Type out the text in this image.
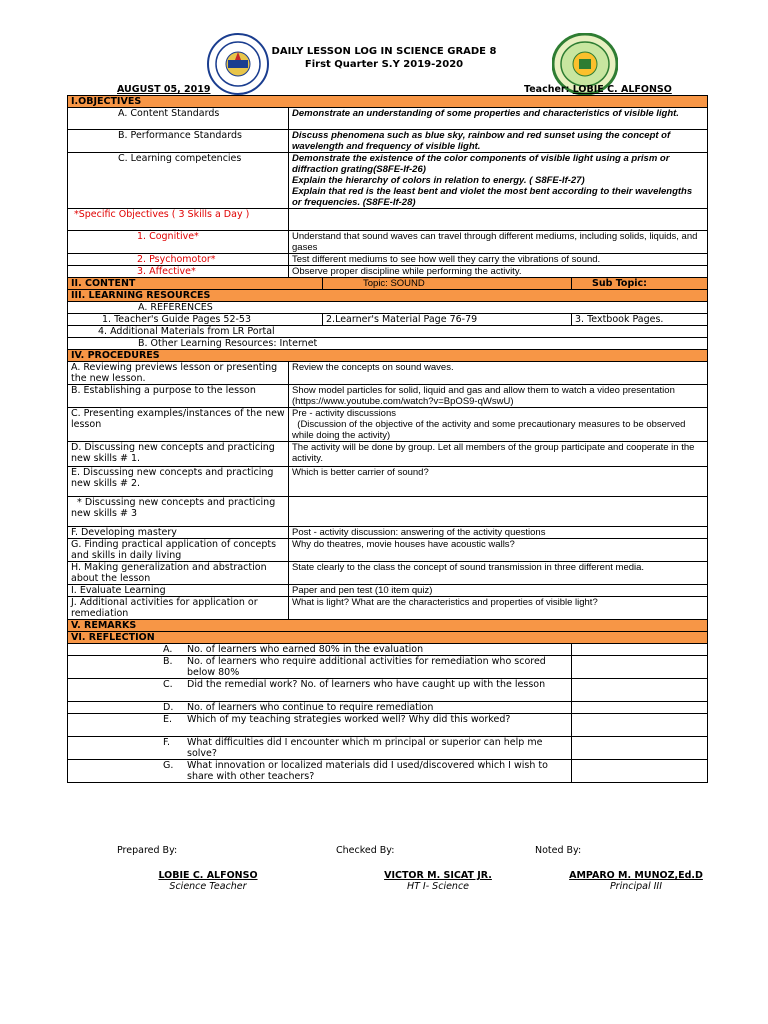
DAILY LESSON LOG IN SCIENCE GRADE 8
First Quarter S.Y 2019-2020
AUGUST 05, 2019	Teacher: LOBIE C. ALFONSO
I.OBJECTIVES			
A. Content Standards	Demonstrate an understanding of some properties and characteristics of visible light.		
B. Performance Standards	Discuss phenomena such as blue sky, rainbow and red sunset using the concept of wavelength and frequency of visible light.		
C. Learning competencies	Demonstrate the existence of the color components of visible light using a prism or diffraction grating(S8FE-If-26)
Explain the hierarchy of colors in relation to energy. ( S8FE-If-27)
Explain that red is the least bent and violet the most bent according to their wavelengths or frequencies. (S8FE-If-28)		

*Specific Objectives ( 3 Skills a Day )			
1. Cognitive*	Understand that sound waves can travel through different mediums, including solids, liquids, and gases		
2. Psychomotor*	Test different mediums to see how well they carry the vibrations of sound.		
3. Affective*	Observe proper discipline while performing the activity.		
II. CONTENT		Topic: SOUND	Sub Topic:
III. LEARNING RESOURCES			
A. REFERENCES			
1. Teacher's Guide Pages 52-53		2.Learner's Material Page 76-79	3. Textbook Pages.
4. Additional Materials from LR Portal			
B. Other Learning Resources: Internet			
IV. PROCEDURES			
A. Reviewing previews lesson or presenting the new lesson.	Review the concepts on sound waves.		
B. Establishing a purpose to the lesson	Show model particles for solid, liquid and gas and allow them to watch a video presentation (https://www.youtube.com/watch?v=BpOS9-qWswU)		
C. Presenting examples/instances of the new lesson	Pre - activity discussions
(Discussion of the objective of the activity and some precautionary measures to be observed while doing the activity)		
D. Discussing new concepts and practicing new skills # 1.	The activity will be done by group. Let all members of the group participate and cooperate in the activity.		
E. Discussing new concepts and practicing new skills # 2.	Which is better carrier of sound?		
* Discussing new concepts and practicing new skills # 3			
F. Developing mastery	Post - activity discussion: answering of the activity questions		
G. Finding practical application of concepts and skills in daily living	Why do theatres, movie houses have acoustic walls?		
H. Making generalization and abstraction about the lesson	State clearly to the class the concept of sound transmission in three different media.		
I. Evaluate Learning	Paper and pen test (10 item quiz)		
J. Additional activities for application or remediation	What is light? What are the characteristics and properties of visible light?		
V. REMARKS			
VI. REFLECTION			
A. No. of learners who earned 80% in the evaluation			

B. No. of learners who require additional activities for remediation who scored below 80%			

C. Did the remedial work? No. of learners who have caught up with the lesson			

D. No. of learners who continue to require remediation			

E. Which of my teaching strategies worked well? Why did this worked?			

F. What difficulties did I encounter which m principal or superior can help me solve?			

G. What innovation or localized materials did I used/discovered which I wish to share with other teachers?			

Prepared By:	Checked By:	Noted By:
LOBIE C. ALFONSO
Science Teacher
VICTOR M. SICAT JR.
HT I- Science
AMPARO M. MUNOZ,Ed.D
Principal III
